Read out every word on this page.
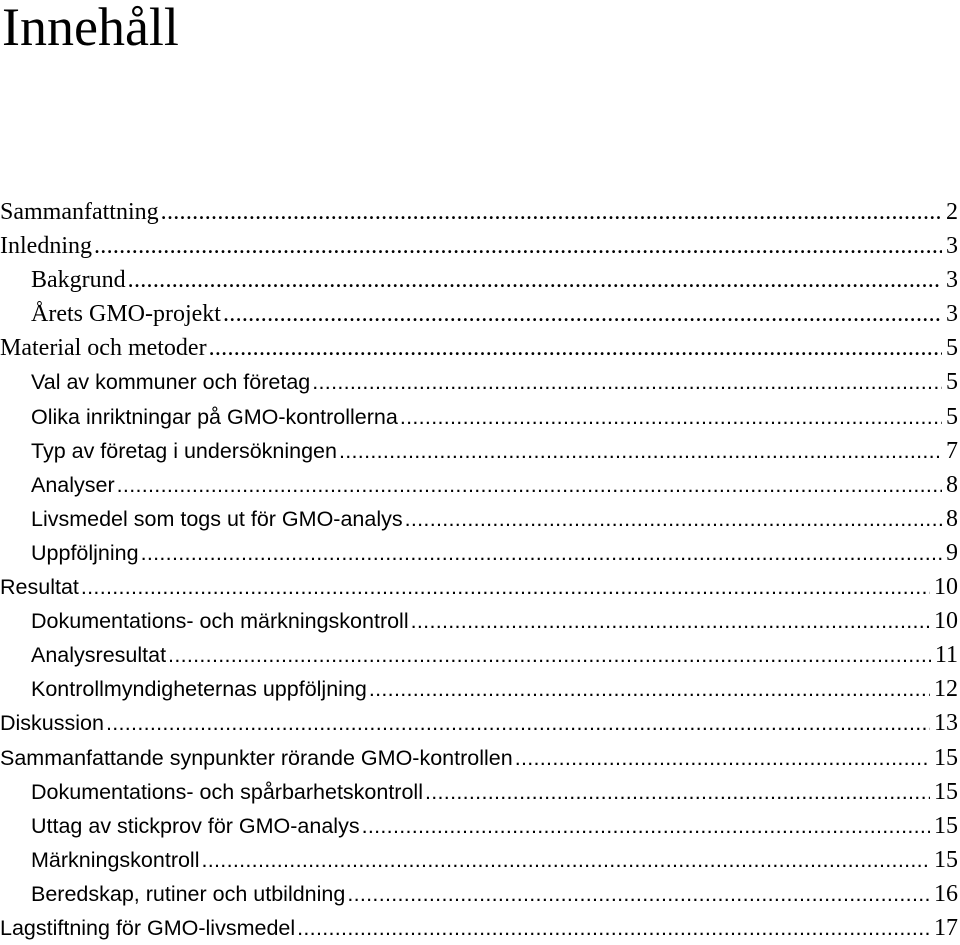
Innehåll
Sammanfattning .....	2
Inledning .....	3
Bakgrund .....	3
Årets GMO-projekt .....	3
Material och metoder .....	5
Val av kommuner och företag .....	5
Olika inriktningar på GMO-kontrollerna .....	5
Typ av företag i undersökningen .....	7
Analyser .....	8
Livsmedel som togs ut för GMO-analys .....	8
Uppföljning .....	9
Resultat .....	10
Dokumentations- och märkningskontroll .....	10
Analysresultat .....	11
Kontrollmyndigheternas uppföljning .....	12
Diskussion .....	13
Sammanfattande synpunkter rörande GMO-kontrollen .....	15
Dokumentations- och spårbarhetskontroll .....	15
Uttag av stickprov för GMO-analys .....	15
Märkningskontroll .....	15
Beredskap, rutiner och utbildning .....	16
Lagstiftning för GMO-livsmedel .....	17
